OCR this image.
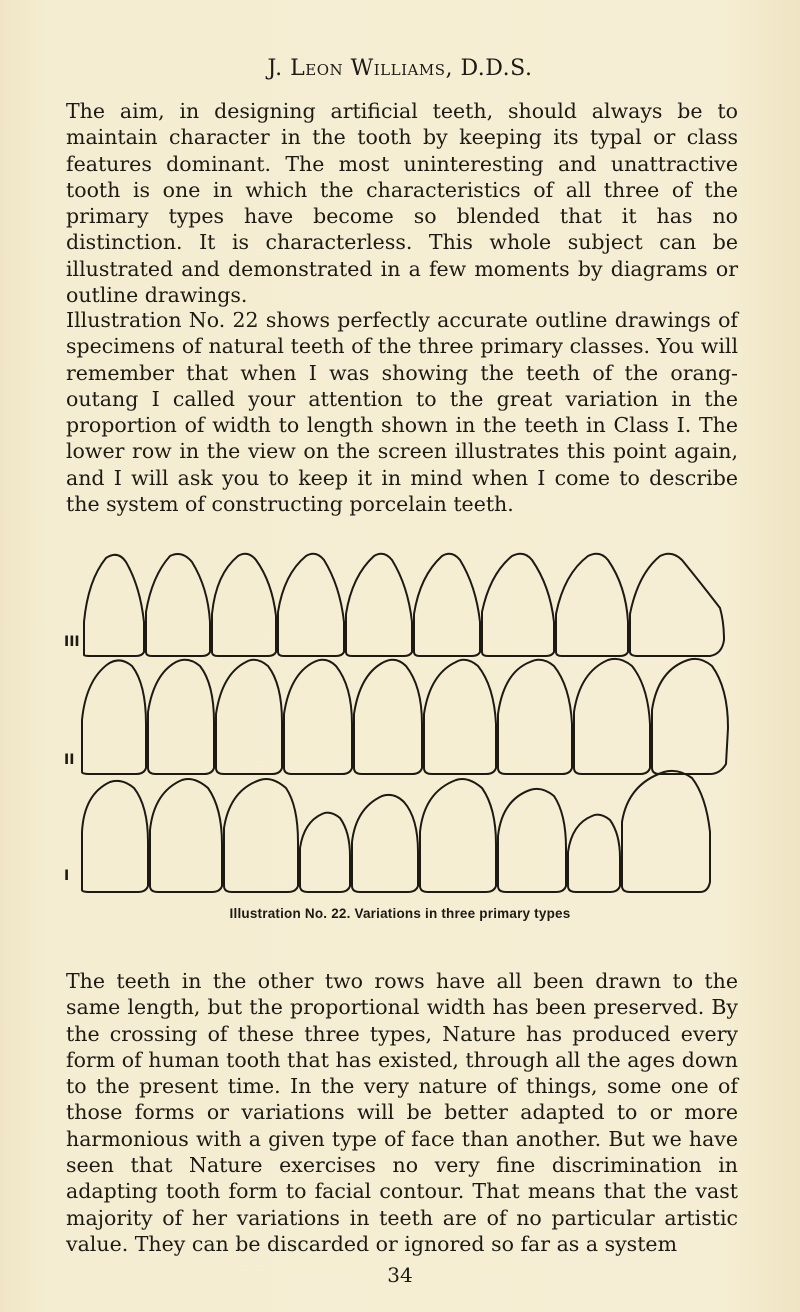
J. Leon Williams, D.D.S.

The aim, in designing artificial teeth, should always be to maintain character in the tooth by keeping its typal or class features dominant. The most uninteresting and unattractive tooth is one in which the characteristics of all three of the primary types have become so blended that it has no distinction. It is characterless. This whole subject can be illustrated and demonstrated in a few moments by diagrams or outline drawings.

Illustration No. 22 shows perfectly accurate outline drawings of specimens of natural teeth of the three primary classes. You will remember that when I was showing the teeth of the orang-outang I called your attention to the great variation in the proportion of width to length shown in the teeth in Class I. The lower row in the view on the screen illustrates this point again, and I will ask you to keep it in mind when I come to describe the system of constructing porcelain teeth.

III
II
I
Illustration No. 22. Variations in three primary types

The teeth in the other two rows have all been drawn to the same length, but the proportional width has been preserved. By the crossing of these three types, Nature has produced every form of human tooth that has existed, through all the ages down to the present time. In the very nature of things, some one of those forms or variations will be better adapted to or more harmonious with a given type of face than another. But we have seen that Nature exercises no very fine discrimination in adapting tooth form to facial contour. That means that the vast majority of her variations in teeth are of no particular artistic value. They can be discarded or ignored so far as a system

34
